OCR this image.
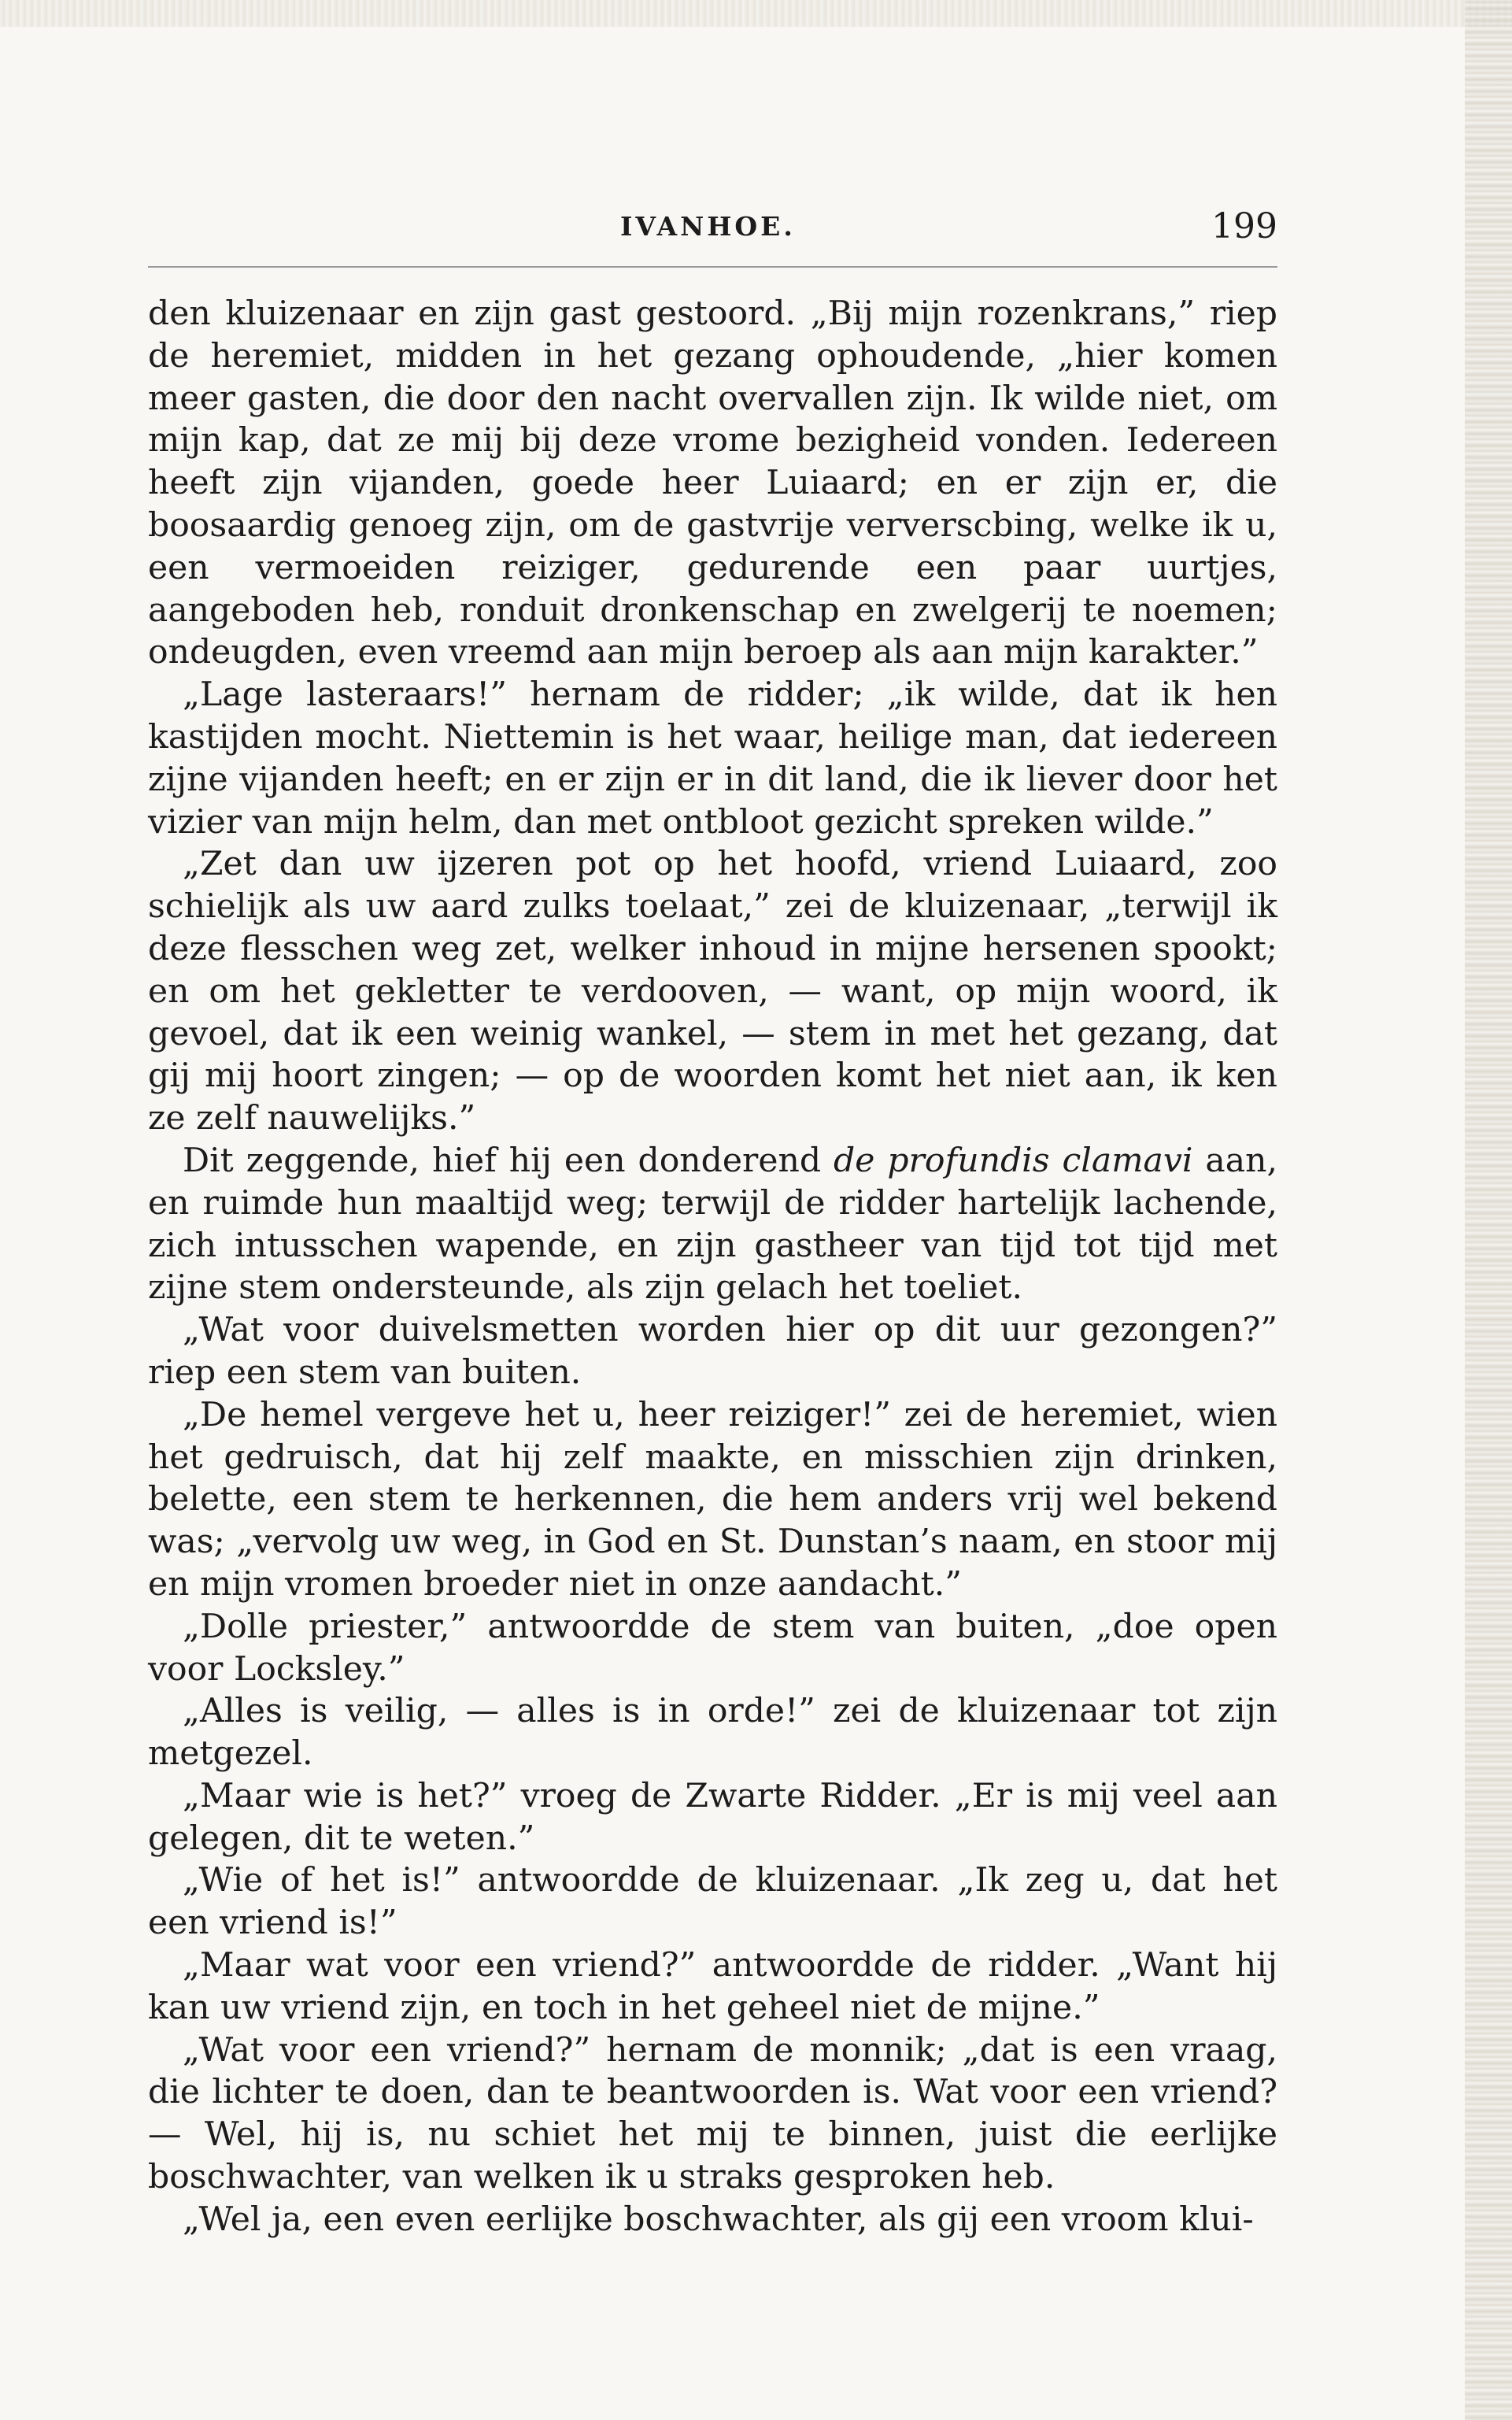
IVANHOE.	199

den kluizenaar en zijn gast gestoord. „Bij mijn rozenkrans,” riep de heremiet, midden in het gezang ophoudende, „hier komen meer gasten, die door den nacht overvallen zijn. Ik wilde niet, om mijn kap, dat ze mij bij deze vrome bezigheid vonden. Iedereen heeft zijn vijanden, goede heer Luiaard; en er zijn er, die boosaardig genoeg zijn, om de gastvrije ververscbing, welke ik u, een vermoeiden reiziger, gedurende een paar uurtjes, aangeboden heb, ronduit dronkenschap en zwelgerij te noemen; ondeugden, even vreemd aan mijn beroep als aan mijn karakter.”

„Lage lasteraars!” hernam de ridder; „ik wilde, dat ik hen kastijden mocht. Niettemin is het waar, heilige man, dat iedereen zijne vijanden heeft; en er zijn er in dit land, die ik liever door het vizier van mijn helm, dan met ontbloot gezicht spreken wilde.”

„Zet dan uw ijzeren pot op het hoofd, vriend Luiaard, zoo schielijk als uw aard zulks toelaat,” zei de kluizenaar, „terwijl ik deze flesschen weg zet, welker inhoud in mijne hersenen spookt; en om het gekletter te verdooven, — want, op mijn woord, ik gevoel, dat ik een weinig wankel, — stem in met het gezang, dat gij mij hoort zingen; — op de woorden komt het niet aan, ik ken ze zelf nauwelijks.”

Dit zeggende, hief hij een donderend de profundis clamavi aan, en ruimde hun maaltijd weg; terwijl de ridder hartelijk lachende, zich intusschen wapende, en zijn gastheer van tijd tot tijd met zijne stem ondersteunde, als zijn gelach het toeliet.

„Wat voor duivelsmetten worden hier op dit uur gezongen?” riep een stem van buiten.

„De hemel vergeve het u, heer reiziger!” zei de heremiet, wien het gedruisch, dat hij zelf maakte, en misschien zijn drinken, belette, een stem te herkennen, die hem anders vrij wel bekend was; „vervolg uw weg, in God en St. Dunstan’s naam, en stoor mij en mijn vromen broeder niet in onze aandacht.”

„Dolle priester,” antwoordde de stem van buiten, „doe open voor Locksley.”

„Alles is veilig, — alles is in orde!” zei de kluizenaar tot zijn metgezel.

„Maar wie is het?” vroeg de Zwarte Ridder. „Er is mij veel aan gelegen, dit te weten.”

„Wie of het is!” antwoordde de kluizenaar. „Ik zeg u, dat het een vriend is!”

„Maar wat voor een vriend?” antwoordde de ridder. „Want hij kan uw vriend zijn, en toch in het geheel niet de mijne.”

„Wat voor een vriend?” hernam de monnik; „dat is een vraag, die lichter te doen, dan te beantwoorden is. Wat voor een vriend? — Wel, hij is, nu schiet het mij te binnen, juist die eerlijke boschwachter, van welken ik u straks gesproken heb.

„Wel ja, een even eerlijke boschwachter, als gij een vroom klui-
